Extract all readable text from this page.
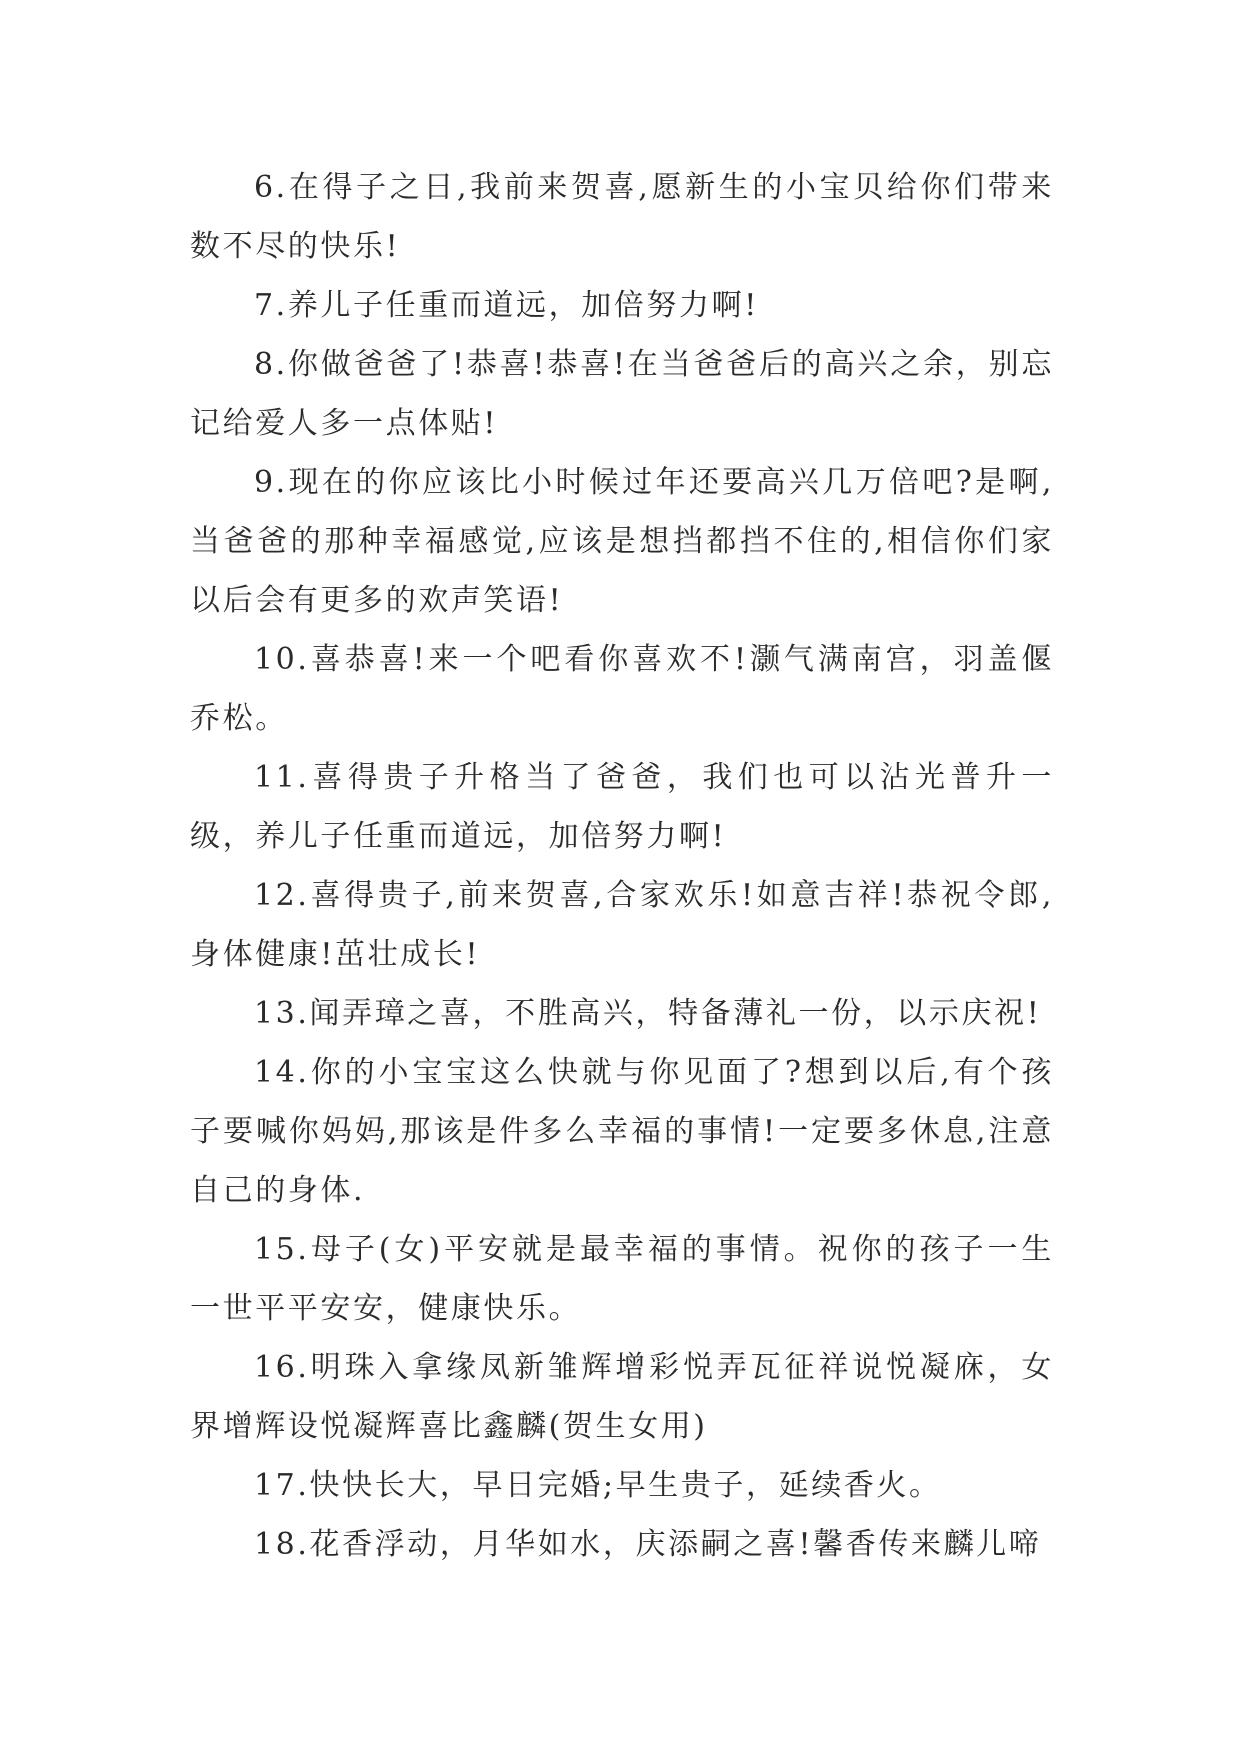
6.在得子之日,我前来贺喜,愿新生的小宝贝给你们带来数不尽的快乐!

7.养儿子任重而道远，加倍努力啊!

8.你做爸爸了!恭喜!恭喜!在当爸爸后的高兴之余，别忘记给爱人多一点体贴!

9.现在的你应该比小时候过年还要高兴几万倍吧?是啊,当爸爸的那种幸福感觉,应该是想挡都挡不住的,相信你们家以后会有更多的欢声笑语!

10.喜恭喜!来一个吧看你喜欢不!灏气满南宫，羽盖偃乔松。

11.喜得贵子升格当了爸爸，我们也可以沾光普升一级，养儿子任重而道远，加倍努力啊!

12.喜得贵子,前来贺喜,合家欢乐!如意吉祥!恭祝令郎,身体健康!茁壮成长!

13.闻弄璋之喜，不胜高兴，特备薄礼一份，以示庆祝!

14.你的小宝宝这么快就与你见面了?想到以后,有个孩子要喊你妈妈,那该是件多么幸福的事情!一定要多休息,注意自己的身体.

15.母子(女)平安就是最幸福的事情。祝你的孩子一生一世平平安安，健康快乐。

16.明珠入拿缘凤新雏辉增彩悦弄瓦征祥说悦凝庥，女界增辉设悦凝辉喜比鑫麟(贺生女用)

17.快快长大，早日完婚;早生贵子，延续香火。

18.花香浮动，月华如水，庆添嗣之喜!馨香传来麟儿啼
